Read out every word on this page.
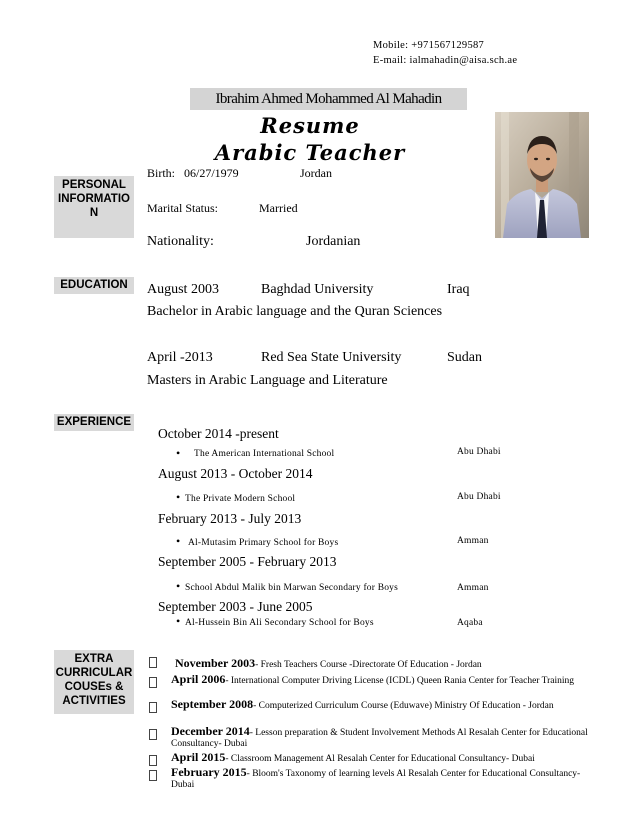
Mobile: +971567129587
E-mail: ialmahadin@aisa.sch.ae
Ibrahim Ahmed Mohammed Al Mahadin
Resume
Arabic Teacher
PERSONAL INFORMATIO N
EDUCATION
EXPERIENCE
EXTRA CURRICULAR COUSEs & ACTIVITIES
Birth: 06/27/1979	Jordan
Marital Status:	Married
Nationality:	Jordanian
August 2003	Baghdad University	Iraq
Bachelor in Arabic language and the Quran Sciences
April -2013	Red Sea State University	Sudan
Masters in Arabic Language and Literature
October 2014 -present
• The American International School	Abu Dhabi
August 2013 - October 2014
• The Private Modern School	Abu Dhabi
February 2013 - July 2013
• Al-Mutasim Primary School for Boys	Amman
September 2005 - February 2013
• School Abdul Malik bin Marwan Secondary for Boys	Amman
September 2003 - June 2005
• Al-Hussein Bin Ali Secondary School for Boys	Aqaba
November 2003- Fresh Teachers Course -Directorate Of Education - Jordan
April 2006- International Computer Driving License (ICDL) Queen Rania Center for Teacher Training
September 2008- Computerized Curriculum Course (Eduwave) Ministry Of Education - Jordan
December 2014- Lesson preparation & Student Involvement Methods Al Resalah Center for Educational Consultancy- Dubai
April 2015- Classroom Management Al Resalah Center for Educational Consultancy- Dubai
February 2015- Bloom's Taxonomy of learning levels Al Resalah Center for Educational Consultancy- Dubai
